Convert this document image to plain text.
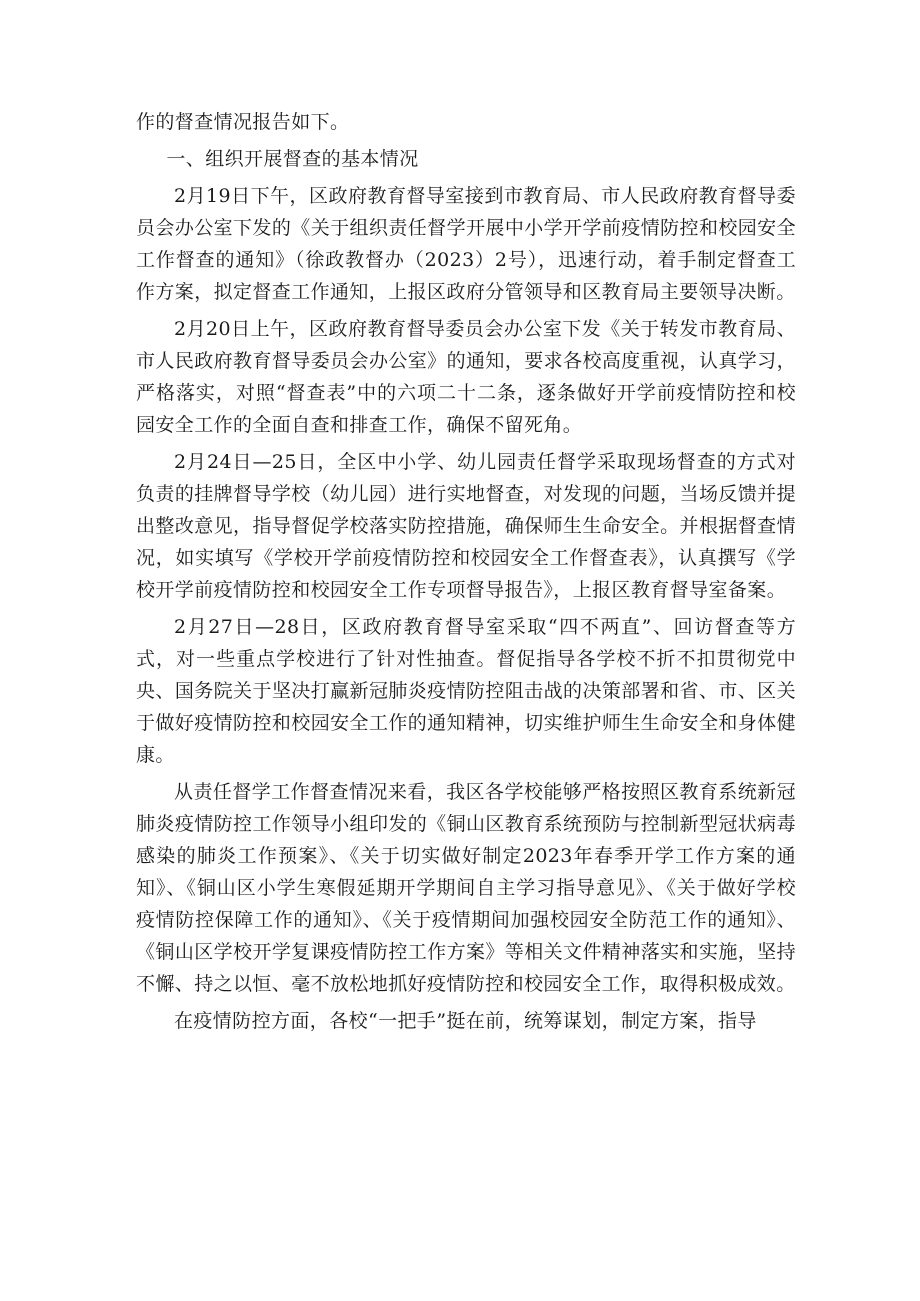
作的督查情况报告如下。

一、组织开展督查的基本情况

2月19日下午，区政府教育督导室接到市教育局、市人民政府教育督导委员会办公室下发的《关于组织责任督学开展中小学开学前疫情防控和校园安全工作督查的通知》（徐政教督办（2023）2号），迅速行动，着手制定督查工作方案，拟定督查工作通知，上报区政府分管领导和区教育局主要领导决断。

2月20日上午，区政府教育督导委员会办公室下发《关于转发市教育局、市人民政府教育督导委员会办公室》的通知，要求各校高度重视，认真学习，严格落实，对照“督查表”中的六项二十二条，逐条做好开学前疫情防控和校园安全工作的全面自查和排查工作，确保不留死角。

2月24日—25日，全区中小学、幼儿园责任督学采取现场督查的方式对负责的挂牌督导学校（幼儿园）进行实地督查，对发现的问题，当场反馈并提出整改意见，指导督促学校落实防控措施，确保师生生命安全。并根据督查情况，如实填写《学校开学前疫情防控和校园安全工作督查表》，认真撰写《学校开学前疫情防控和校园安全工作专项督导报告》，上报区教育督导室备案。

2月27日—28日，区政府教育督导室采取“四不两直”、回访督查等方式，对一些重点学校进行了针对性抽查。督促指导各学校不折不扣贯彻党中央、国务院关于坚决打赢新冠肺炎疫情防控阻击战的决策部署和省、市、区关于做好疫情防控和校园安全工作的通知精神，切实维护师生生命安全和身体健康。

从责任督学工作督查情况来看，我区各学校能够严格按照区教育系统新冠肺炎疫情防控工作领导小组印发的《铜山区教育系统预防与控制新型冠状病毒感染的肺炎工作预案》、《关于切实做好制定2023年春季开学工作方案的通知》、《铜山区小学生寒假延期开学期间自主学习指导意见》、《关于做好学校疫情防控保障工作的通知》、《关于疫情期间加强校园安全防范工作的通知》、《铜山区学校开学复课疫情防控工作方案》等相关文件精神落实和实施，坚持不懈、持之以恒、毫不放松地抓好疫情防控和校园安全工作，取得积极成效。

在疫情防控方面，各校“一把手”挺在前，统筹谋划，制定方案，指导
